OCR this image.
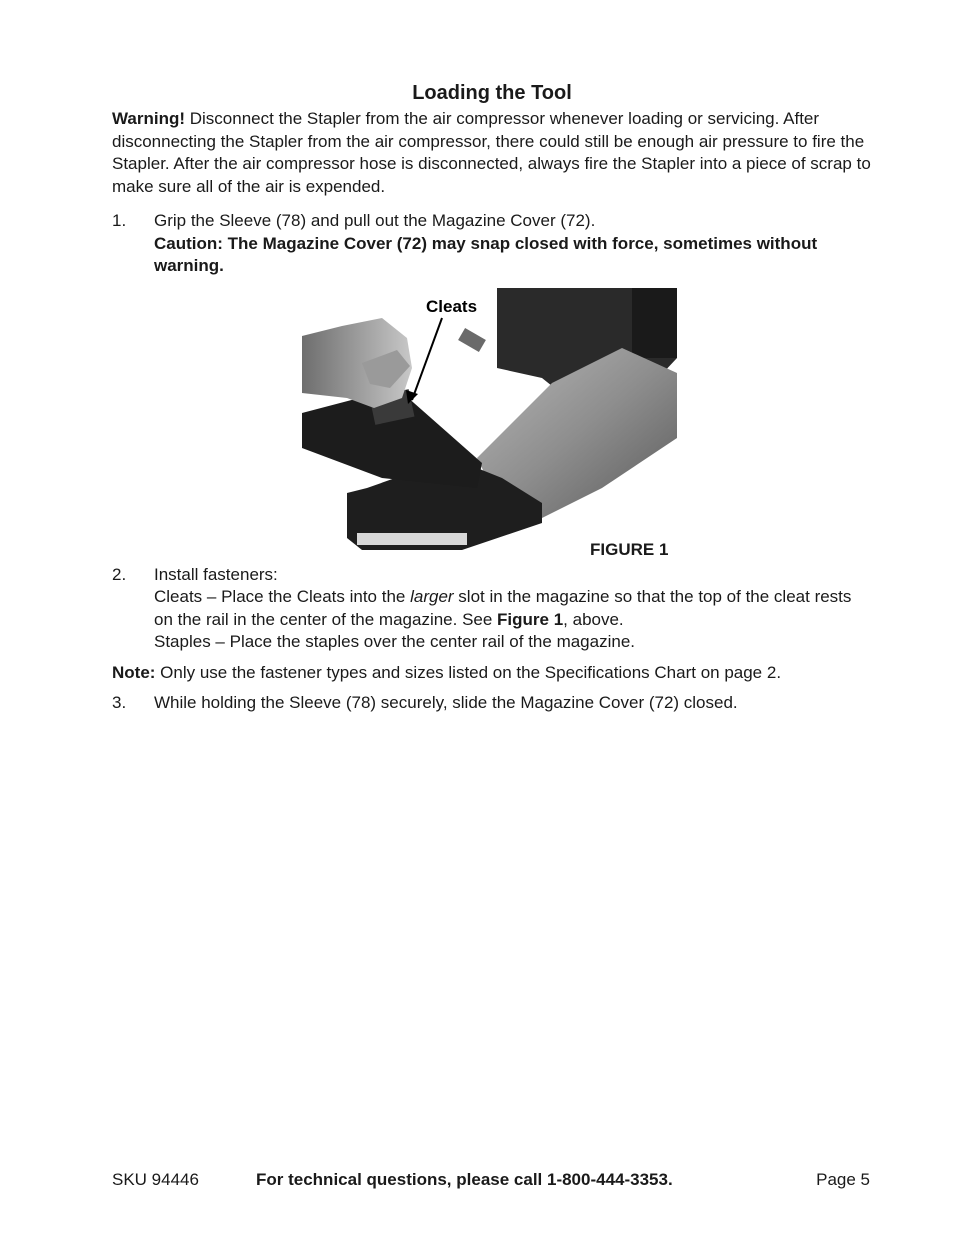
Loading the Tool

Warning! Disconnect the Stapler from the air compressor whenever loading or servicing. After disconnecting the Stapler from the air compressor, there could still be enough air pressure to fire the Stapler. After the air compressor hose is disconnected, always fire the Stapler into a piece of scrap to make sure all of the air is expended.

1. Grip the Sleeve (78) and pull out the Magazine Cover (72).
Caution: The Magazine Cover (72) may snap closed with force, sometimes without warning.
Cleats
FIGURE 1
2. Install fasteners:
Cleats – Place the Cleats into the larger slot in the magazine so that the top of the cleat rests on the rail in the center of the magazine. See Figure 1, above.
Staples – Place the staples over the center rail of the magazine.

Note: Only use the fastener types and sizes listed on the Specifications Chart on page 2.

3. While holding the Sleeve (78) securely, slide the Magazine Cover (72) closed.
SKU 94446	For technical questions, please call 1-800-444-3353.	Page 5
